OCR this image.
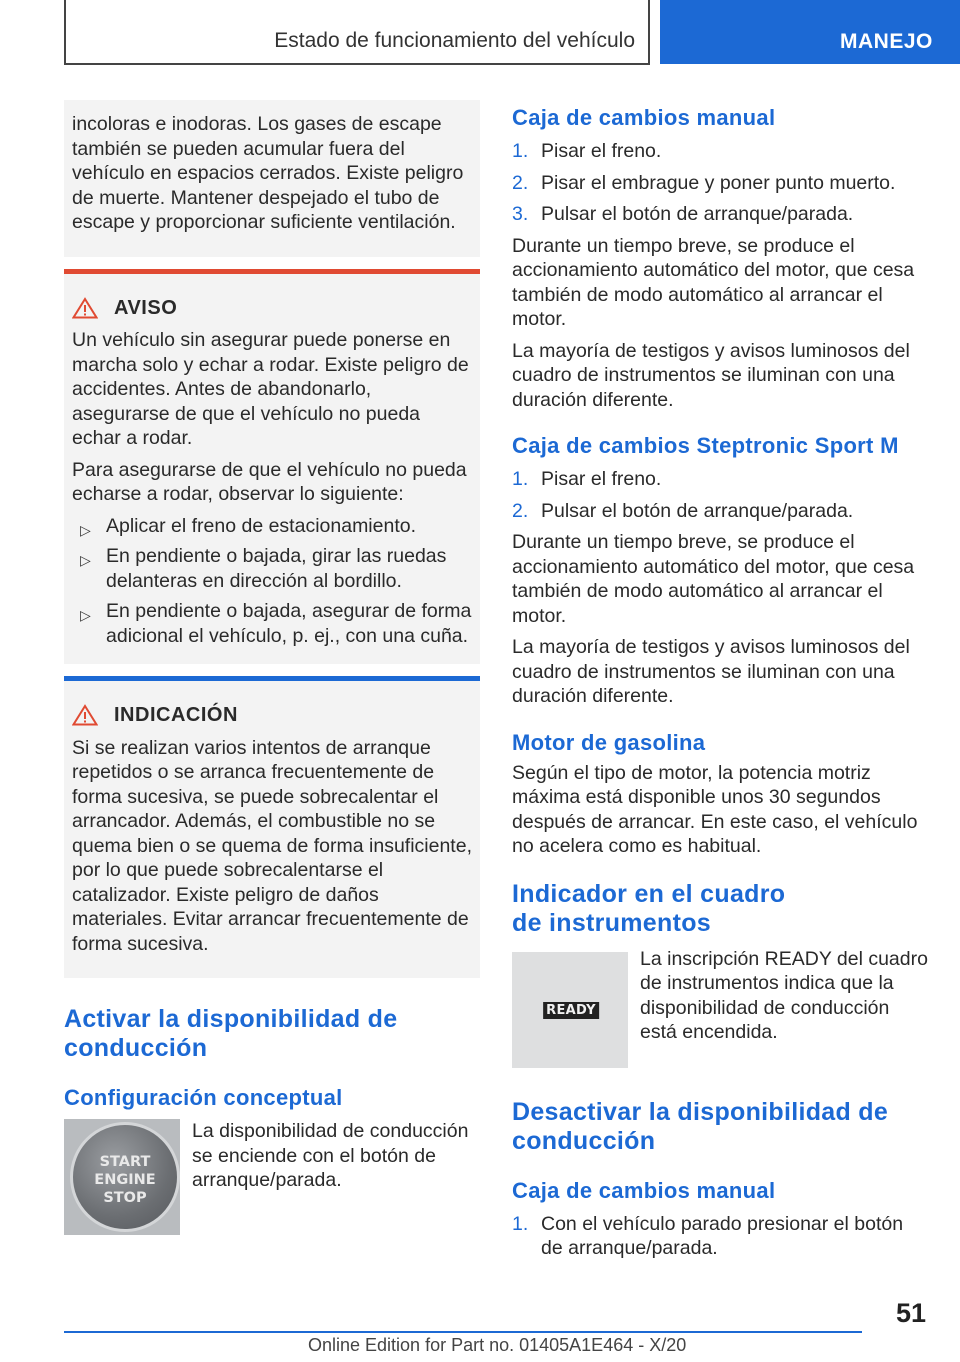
Estado de funcionamiento del vehículo	MANEJO

incoloras e inodoras. Los gases de escape también se pueden acumular fuera del vehículo en espacios cerrados. Existe peligro de muerte. Mantener despejado el tubo de escape y proporcionar suficiente ventilación.

AVISO

Un vehículo sin asegurar puede ponerse en marcha solo y echar a rodar. Existe peligro de accidentes. Antes de abandonarlo, asegurarse de que el vehículo no pueda echar a rodar.

Para asegurarse de que el vehículo no pueda echarse a rodar, observar lo siguiente:

▷ Aplicar el freno de estacionamiento.
▷ En pendiente o bajada, girar las ruedas delanteras en dirección al bordillo.
▷ En pendiente o bajada, asegurar de forma adicional el vehículo, p. ej., con una cuña.
INDICACIÓN

Si se realizan varios intentos de arranque repetidos o se arranca frecuentemente de forma sucesiva, se puede sobrecalentar el arrancador. Además, el combustible no se quema bien o se quema de forma insuficiente, por lo que puede sobrecalentarse el catalizador. Existe peligro de daños materiales. Evitar arrancar frecuentemente de forma sucesiva.

Activar la disponibilidad de conducción
Configuración conceptual
START
ENGINE
STOP
La disponibilidad de conducción se enciende con el botón de arranque/parada.
Caja de cambios manual
1. Pisar el freno.
2. Pisar el embrague y poner punto muerto.
3. Pulsar el botón de arranque/parada.

Durante un tiempo breve, se produce el accionamiento automático del motor, que cesa también de modo automático al arrancar el motor.

La mayoría de testigos y avisos luminosos del cuadro de instrumentos se iluminan con una duración diferente.

Caja de cambios Steptronic Sport M
1. Pisar el freno.
2. Pulsar el botón de arranque/parada.

Durante un tiempo breve, se produce el accionamiento automático del motor, que cesa también de modo automático al arrancar el motor.

La mayoría de testigos y avisos luminosos del cuadro de instrumentos se iluminan con una duración diferente.

Motor de gasolina

Según el tipo de motor, la potencia motriz máxima está disponible unos 30 segundos después de arrancar. En este caso, el vehículo no acelera como es habitual.

Indicador en el cuadro de instrumentos
READY
La inscripción READY del cuadro de instrumentos indica que la disponibilidad de conducción está encendida.
Desactivar la disponibilidad de conducción
Caja de cambios manual
1. Con el vehículo parado presionar el botón de arranque/parada.
51
Online Edition for Part no. 01405A1E464 - X/20
